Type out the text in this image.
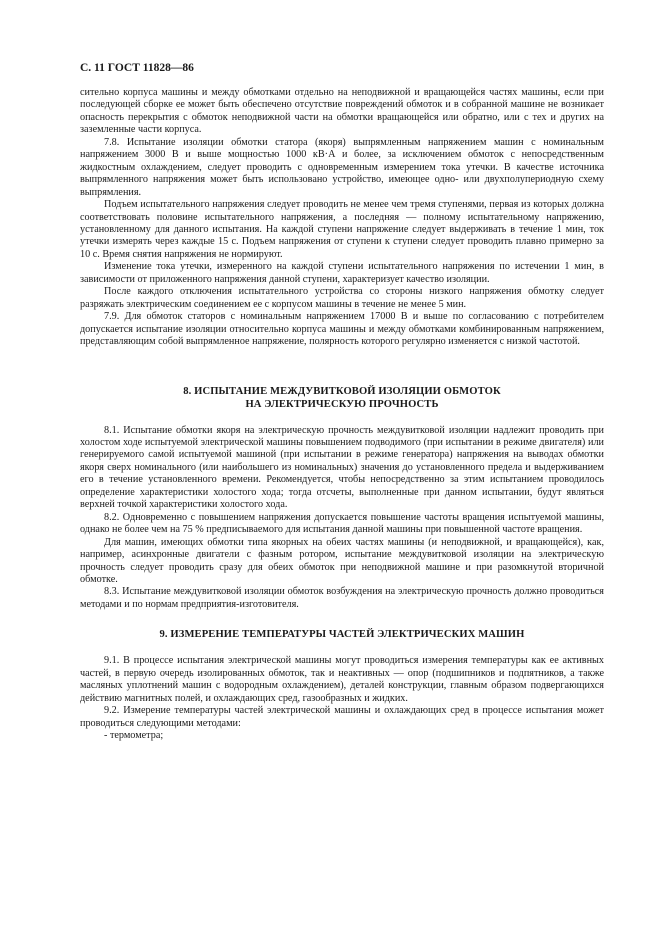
С. 11 ГОСТ 11828—86

сительно корпуса машины и между обмотками отдельно на неподвижной и вращающейся частях машины, если при последующей сборке ее может быть обеспечено отсутствие повреждений обмоток и в собранной машине не возникает опасность перекрытия с обмоток неподвижной части на обмотки вращающейся или обратно, или с тех и других на заземленные части корпуса.

7.8. Испытание изоляции обмотки статора (якоря) выпрямленным напряжением машин с номинальным напряжением 3000 В и выше мощностью 1000 кВ·А и более, за исключением обмоток с непосредственным жидкостным охлаждением, следует проводить с одновременным измерением тока утечки. В качестве источника выпрямленного напряжения может быть использовано устройство, имеющее одно- или двухполупериодную схему выпрямления.

Подъем испытательного напряжения следует проводить не менее чем тремя ступенями, первая из которых должна соответствовать половине испытательного напряжения, а последняя — полному испытательному напряжению, установленному для данного испытания. На каждой ступени напряжение следует выдерживать в течение 1 мин, ток утечки измерять через каждые 15 с. Подъем напряжения от ступени к ступени следует проводить плавно примерно за 10 с. Время снятия напряжения не нормируют.

Изменение тока утечки, измеренного на каждой ступени испытательного напряжения по истечении 1 мин, в зависимости от приложенного напряжения данной ступени, характеризует качество изоляции.

После каждого отключения испытательного устройства со стороны низкого напряжения обмотку следует разряжать электрическим соединением ее с корпусом машины в течение не менее 5 мин.

7.9. Для обмоток статоров с номинальным напряжением 17000 В и выше по согласованию с потребителем допускается испытание изоляции относительно корпуса машины и между обмотками комбинированным напряжением, представляющим собой выпрямленное напряжение, полярность которого регулярно изменяется с низкой частотой.

8. ИСПЫТАНИЕ МЕЖДУВИТКОВОЙ ИЗОЛЯЦИИ ОБМОТОК
НА ЭЛЕКТРИЧЕСКУЮ ПРОЧНОСТЬ

8.1. Испытание обмотки якоря на электрическую прочность междувитковой изоляции надлежит проводить при холостом ходе испытуемой электрической машины повышением подводимого (при испытании в режиме двигателя) или генерируемого самой испытуемой машиной (при испытании в режиме генератора) напряжения на выводах обмотки якоря сверх номинального (или наибольшего из номинальных) значения до установленного предела и выдерживанием его в течение установленного времени. Рекомендуется, чтобы непосредственно за этим испытанием проводилось определение характеристики холостого хода; тогда отсчеты, выполненные при данном испытании, будут являться верхней точкой характеристики холостого хода.

8.2. Одновременно с повышением напряжения допускается повышение частоты вращения испытуемой машины, однако не более чем на 75 % предписываемого для испытания данной машины при повышенной частоте вращения.

Для машин, имеющих обмотки типа якорных на обеих частях машины (и неподвижной, и вращающейся), как, например, асинхронные двигатели с фазным ротором, испытание междувитковой изоляции на электрическую прочность следует проводить сразу для обеих обмоток при неподвижной машине и при разомкнутой вторичной обмотке.

8.3. Испытание междувитковой изоляции обмоток возбуждения на электрическую прочность должно проводиться методами и по нормам предприятия-изготовителя.

9. ИЗМЕРЕНИЕ ТЕМПЕРАТУРЫ ЧАСТЕЙ ЭЛЕКТРИЧЕСКИХ МАШИН

9.1. В процессе испытания электрической машины могут проводиться измерения температуры как ее активных частей, в первую очередь изолированных обмоток, так и неактивных — опор (подшипников и подпятников, а также масляных уплотнений машин с водородным охлаждением), деталей конструкции, главным образом подвергающихся действию магнитных полей, и охлаждающих сред, газообразных и жидких.

9.2. Измерение температуры частей электрической машины и охлаждающих сред в процессе испытания может проводиться следующими методами:

- термометра;
